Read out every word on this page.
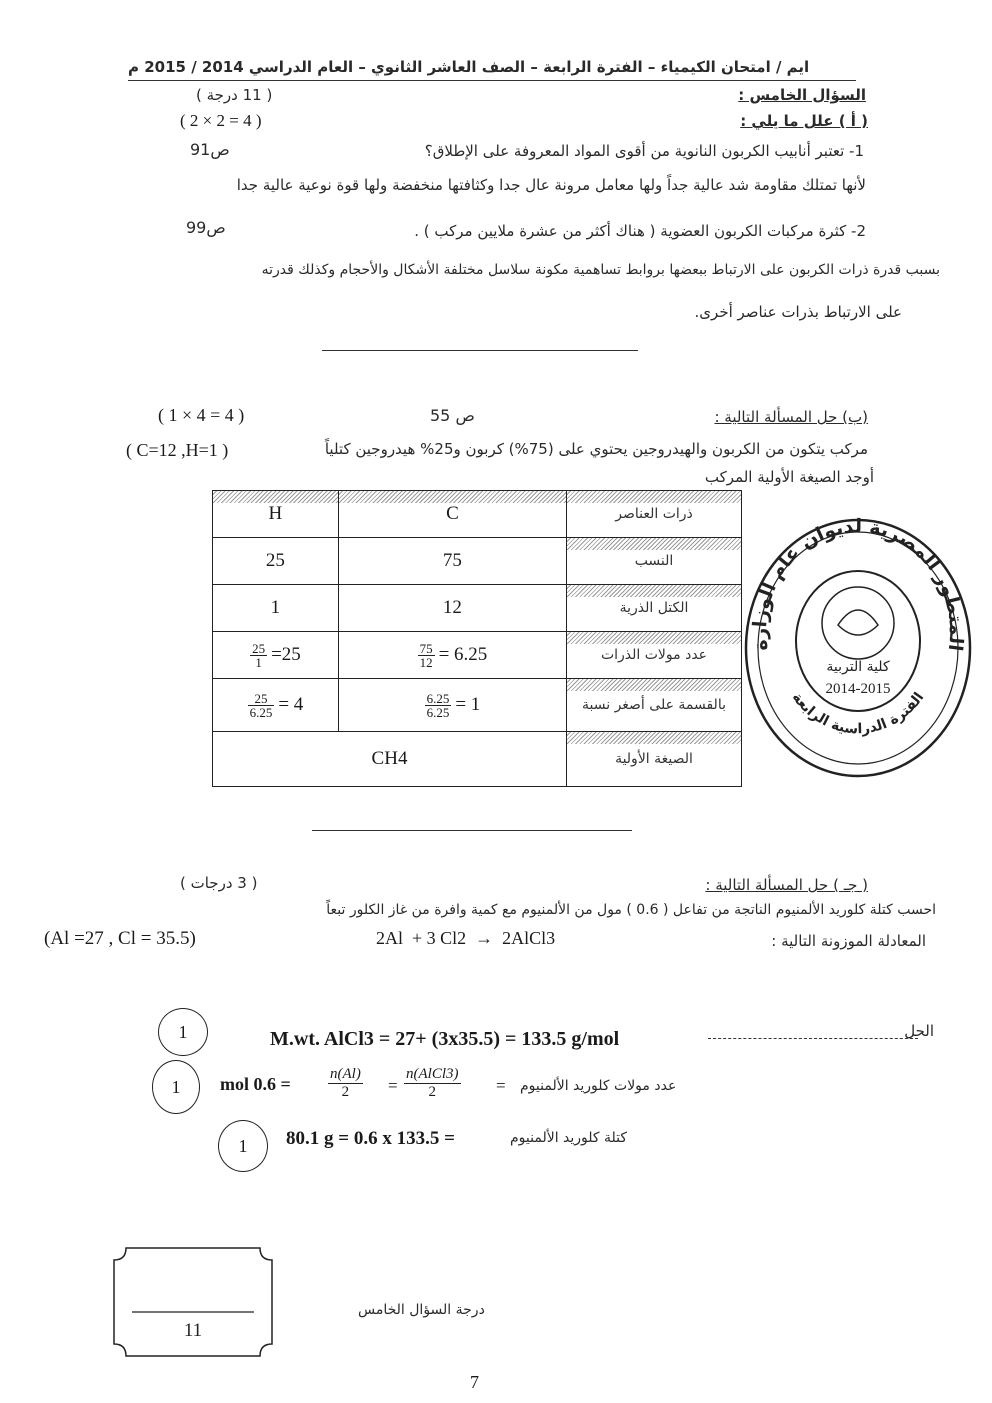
ايم / امتحان الكيمياء – الفترة الرابعة – الصف العاشر الثانوي – العام الدراسي 2014 / 2015 م
السؤال الخامس :
( 11 درجة )
( أ ) علل ما يلي :
( 2 × 2 = 4 )
1- تعتبر أنابيب الكربون النانوية من أقوى المواد المعروفة على الإطلاق؟
ص91
لأنها تمتلك مقاومة شد عالية جداً ولها معامل مرونة عال جدا وكثافتها منخفضة ولها قوة نوعية عالية جدا
2- كثرة مركبات الكربون العضوية ( هناك أكثر من عشرة ملايين مركب ) .
ص99
بسبب قدرة ذرات الكربون على الارتباط ببعضها بروابط تساهمية مكونة سلاسل مختلفة الأشكال والأحجام وكذلك قدرته
على الارتباط بذرات عناصر أخرى.
(ب) حل المسألة التالية :
ص 55
( 1 × 4 = 4 )
مركب يتكون من الكربون والهيدروجين يحتوي على (75%) كربون و25% هيدروجين كتلياً
( C=12 ,H=1 )
أوجد الصيغة الأولية المركب
H	C	ذرات العناصر
25	75	النسب
1	12	الكتل الذرية

$\frac{25}{1} =25$	$\frac{75}{12} = 6.25$	عدد مولات الذرات

$\frac{25}{6.25} = 4$	$\frac{6.25}{6.25} = 1$	بالقسمة على أصغر نسبة
CH4		الصيغة الأولية
المتطور المصرية لديوان عام الوزارة
الفترة الدراسية الرابعة
كلية التربية
2014-2015
( جـ ) حل المسألة التالية :
( 3 درجات )
احسب كتلة كلوريد الألمنيوم الناتجة من تفاعل ( 0.6 ) مول من الألمنيوم مع كمية وافرة من غاز الكلور تبعاً
المعادلة الموزونة التالية :
2Al  + 3 Cl2  →  2AlCl3
(Al =27 , Cl = 35.5)
الحل
1	M.wt. AlCl3 = 27+ (3x35.5) = 133.5 g/mol
1	mol 0.6 =	n(Al)
2	=
n(AlCl3)
2	= عدد مولات كلوريد الألمنيوم
1	80.1 g = 0.6 x 133.5 =	كتلة كلوريد الألمنيوم
11
درجة السؤال الخامس
7
